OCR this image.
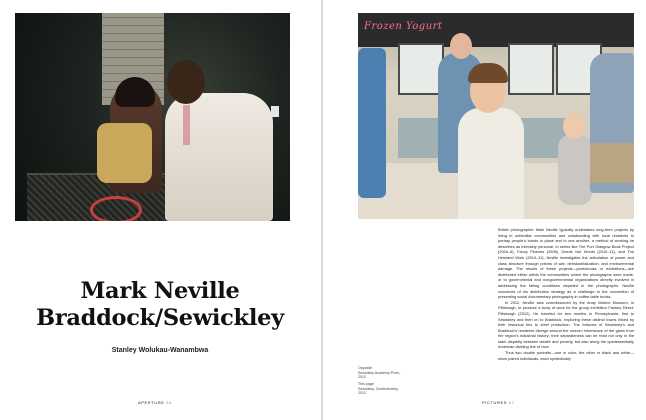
Mark Neville
Braddock/Sewickley
Stanley Wolukau-Wanambwa
APERTURE 54
Frozen Yogurt
Opposite
Sewickley Academy Prom,
2012
This page
Sewickley, Confectionery,
2012

British photographer Mark Neville typically undertakes long-term projects by living in unfamiliar communities and collaborating with local residents to portray people’s bonds to place and to one another, a method of working he describes as intensely personal. In series like The Port Glasgow Book Project (2004–6), Fancy Pictures (2008), Deeds Not Words (2010–11), and The Helmand Work (2010–11), Neville investigates the articulation of power and class structure through prisms of war, deindustrialization, and environmental damage. The results of these projects—photobooks or exhibitions—are distributed either within the communities where the photographs were made, or to governmental and nongovernmental organizations directly involved in addressing the failing conditions depicted in the photographs. Neville conceives of his distribution strategy as a challenge to the convention of presenting social documentary photography in coffee-table books.

In 2012, Neville was commissioned by the Andy Warhol Museum, in Pittsburgh, to produce a body of work for the group exhibition Factory Direct: Pittsburgh (2012). He traveled for two months in Pennsylvania, first to Sewickley and then on to Braddock, exploring these distinct towns linked by their historical ties to steel production. The fortunes of Sewickley’s and Braddock’s residents diverge around the uneven inheritance of the gains from the region’s industrial history; their separateness can be read not only in the stark disparity between wealth and poverty, but also along the quintessentially American dividing line of race.

Thus two double portraits—one in color, the other in black and white—show paired individuals, each symbolically

PICTURES 57
